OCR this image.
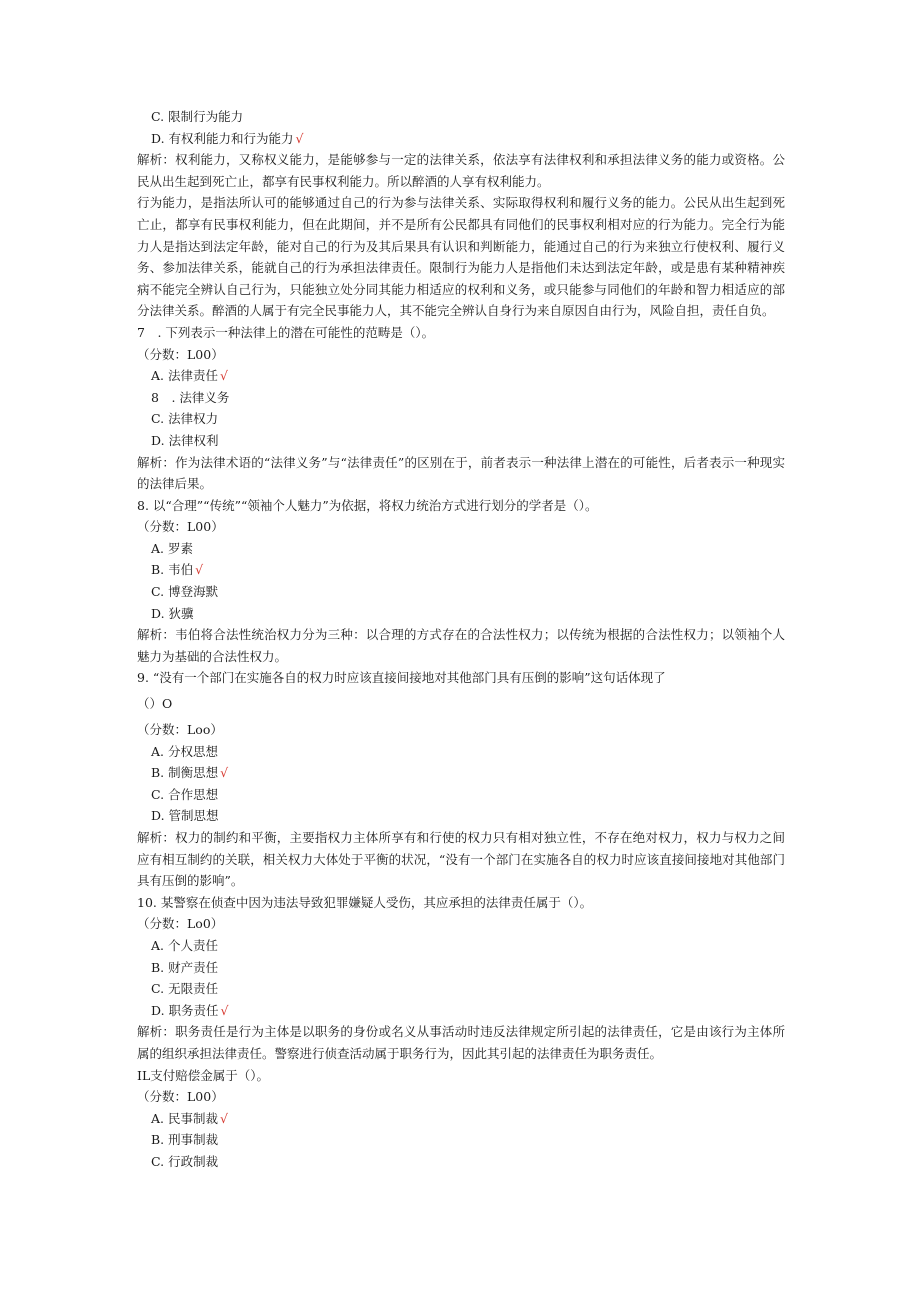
C. 限制行为能力
D. 有权利能力和行为能力 √

解析：权利能力，又称权义能力，是能够参与一定的法律关系，依法享有法律权利和承担法律义务的能力或资格。公民从出生起到死亡止，都享有民事权利能力。所以醉酒的人享有权利能力。

行为能力，是指法所认可的能够通过自己的行为参与法律关系、实际取得权利和履行义务的能力。公民从出生起到死亡止，都享有民事权利能力，但在此期间，并不是所有公民都具有同他们的民事权利相对应的行为能力。完全行为能力人是指达到法定年龄，能对自己的行为及其后果具有认识和判断能力，能通过自己的行为来独立行使权利、履行义务、参加法律关系，能就自己的行为承担法律责任。限制行为能力人是指他们未达到法定年龄，或是患有某种精神疾病不能完全辨认自己行为，只能独立处分同其能力相适应的权利和义务，或只能参与同他们的年龄和智力相适应的部分法律关系。醉酒的人属于有完全民事能力人，其不能完全辨认自身行为来自原因自由行为，风险自担，责任自负。

7　. 下列表示一种法律上的潜在可能性的范畴是（）。
（分数：L00）
A. 法律责任 √
8　. 法律义务
C. 法律权力
D. 法律权利

解析：作为法律术语的“法律义务”与“法律责任”的区别在于，前者表示一种法律上潜在的可能性，后者表示一种现实的法律后果。

8. 以“合理”“传统”“领袖个人魅力”为依据，将权力统治方式进行划分的学者是（）。
（分数：L00）
A. 罗素
B. 韦伯 √
C. 博登海默
D. 狄骥

解析：韦伯将合法性统治权力分为三种：以合理的方式存在的合法性权力；以传统为根据的合法性权力；以领袖个人魅力为基础的合法性权力。

9. “没有一个部门在实施各自的权力时应该直接间接地对其他部门具有压倒的影响”这句话体现了
（）O
（分数：Loo）
A. 分权思想
B. 制衡思想 √
C. 合作思想
D. 管制思想

解析：权力的制约和平衡，主要指权力主体所享有和行使的权力只有相对独立性，不存在绝对权力，权力与权力之间应有相互制约的关联，相关权力大体处于平衡的状况，“没有一个部门在实施各自的权力时应该直接间接地对其他部门具有压倒的影响”。

10. 某警察在侦查中因为违法导致犯罪嫌疑人受伤，其应承担的法律责任属于（）。
（分数：Lo0）
A. 个人责任
B. 财产责任
C. 无限责任
D. 职务责任 √

解析：职务责任是行为主体是以职务的身份或名义从事活动时违反法律规定所引起的法律责任，它是由该行为主体所属的组织承担法律责任。警察进行侦查活动属于职务行为，因此其引起的法律责任为职务责任。

IL支付赔偿金属于（）。
（分数：L00）
A. 民事制裁 √
B. 刑事制裁
C. 行政制裁
